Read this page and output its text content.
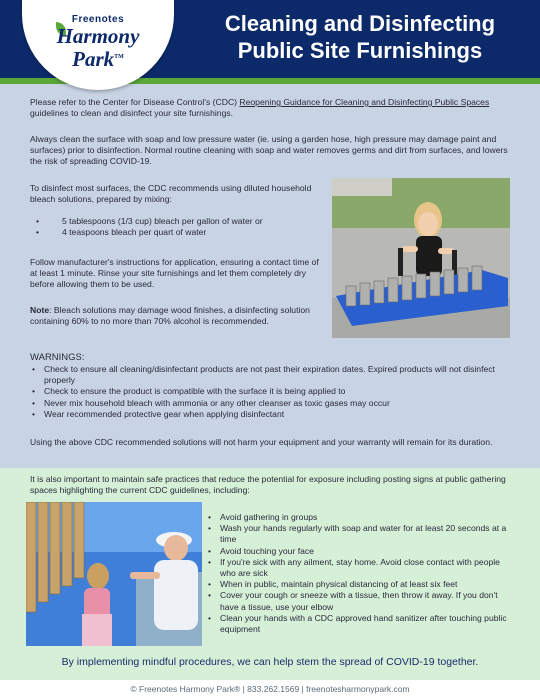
Cleaning and Disinfecting
Public Site Furnishings
Freenotes
Harmony
Park™
Please refer to the Center for Disease Control's (CDC) Reopening Guidance for Cleaning and Disinfecting Public Spaces guidelines to clean and disinfect your site furnishings.
Always clean the surface with soap and low pressure water (ie. using a garden hose, high pressure may damage paint and surfaces) prior to disinfection. Normal routine cleaning with soap and water removes germs and dirt from surfaces, and lowers the risk of spreading COVID-19.
To disinfect most surfaces, the CDC recommends using diluted household bleach solutions, prepared by mixing:
• 5 tablespoons (1/3 cup) bleach per gallon of water or
• 4 teaspoons bleach per quart of water
Follow manufacturer's instructions for application, ensuring a contact time of at least 1 minute. Rinse your site furnishings and let them completely dry before allowing them to be used.
Note: Bleach solutions may damage wood finishes, a disinfecting solution containing 60% to no more than 70% alcohol is recommended.
WARNINGS:
• Check to ensure all cleaning/disinfectant products are not past their expiration dates. Expired products will not disinfect properly
• Check to ensure the product is compatible with the surface it is being applied to
• Never mix household bleach with ammonia or any other cleanser as toxic gases may occur
• Wear recommended protective gear when applying disinfectant
Using the above CDC recommended solutions will not harm your equipment and your warranty will remain for its duration.
It is also important to maintain safe practices that reduce the potential for exposure including posting signs at public gathering spaces highlighting the current CDC guidelines, including:
• Avoid gathering in groups
• Wash your hands regularly with soap and water for at least 20 seconds at a time
• Avoid touching your face
• If you're sick with any ailment, stay home. Avoid close contact with people who are sick
• When in public, maintain physical distancing of at least six feet
• Cover your cough or sneeze with a tissue, then throw it away. If you don't have a tissue, use your elbow
• Clean your hands with a CDC approved hand sanitizer after touching public equipment
By implementing mindful procedures, we can help stem the spread of COVID-19 together.
© Freenotes Harmony Park® | 833.262.1569 | freenotesharmonypark.com
